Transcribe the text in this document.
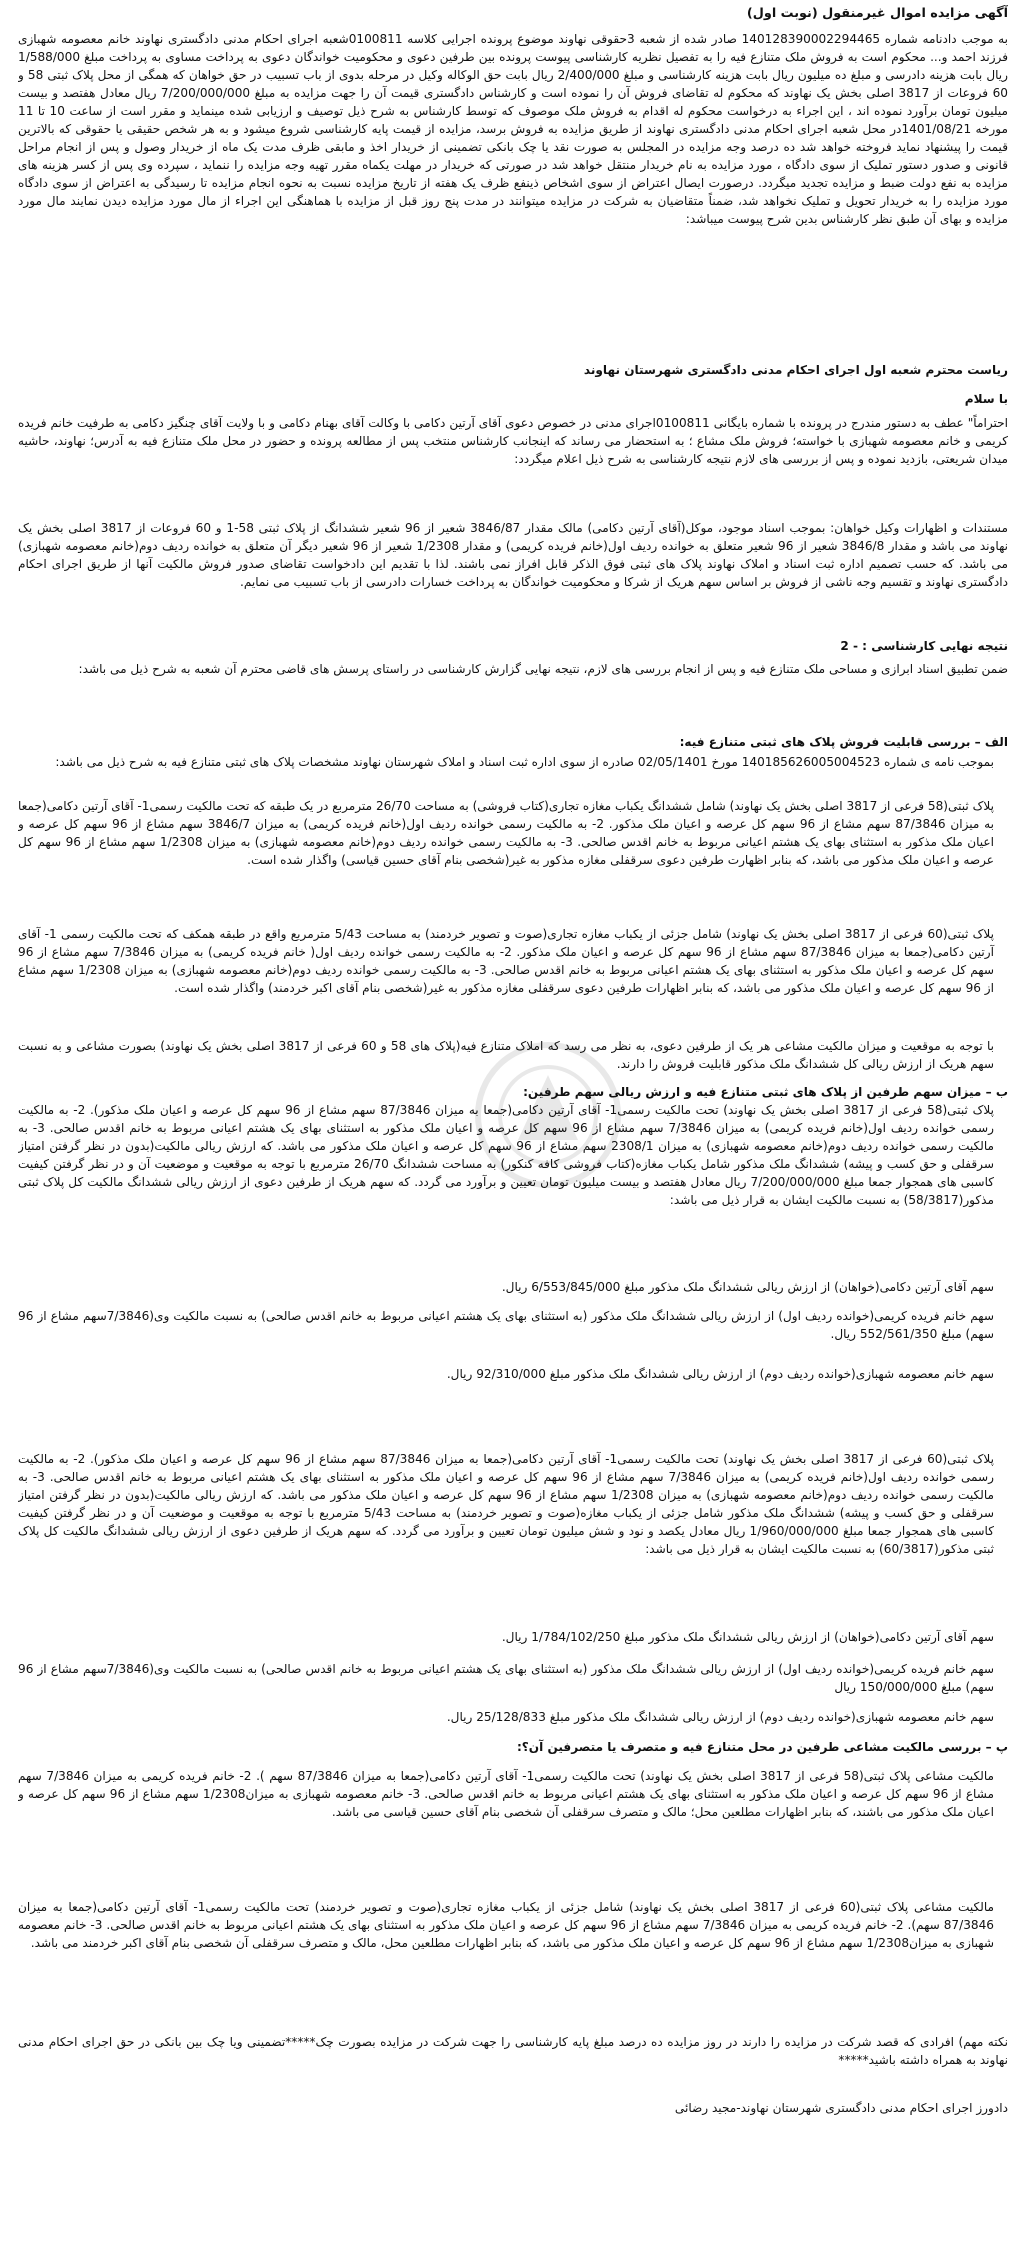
آگهی مزایده اموال غیرمنقول (نوبت اول)
به موجب دادنامه شماره 140128390002294465 صادر شده از شعبه 3حقوقی نهاوند موضوع پرونده اجرایی کلاسه 0100811شعبه اجرای احکام مدنی دادگستری نهاوند خانم معصومه شهبازی فرزند احمد و... محکوم است به فروش ملک متنازع فیه را به تفصیل نظریه کارشناسی پیوست پرونده بین طرفین دعوی و محکومیت خواندگان دعوی به پرداخت مساوی به پرداخت مبلغ 1/588/000 ریال بابت هزینه دادرسی و مبلغ ده میلیون ریال بابت هزینه کارشناسی و مبلغ 2/400/000 ریال بابت حق الوکاله وکیل در مرحله بدوی از باب تسبیب در حق خواهان که همگی از محل پلاک ثبتی 58 و 60 فروعات از 3817 اصلی بخش یک نهاوند که محکوم له تقاضای فروش آن را نموده است و کارشناس دادگستری قیمت آن را جهت مزایده به مبلغ 7/200/000/000 ریال معادل هفتصد و بیست میلیون تومان برآورد نموده اند ، این اجراء به درخواست محکوم له اقدام به فروش ملک موصوف که توسط کارشناس به شرح ذیل توصیف و ارزیابی شده مینماید و مقرر است از ساعت 10 تا 11 مورخه 1401/08/21در محل شعبه اجرای احکام مدنی دادگستری نهاوند از طریق مزایده به فروش برسد، مزایده از قیمت پایه کارشناسی شروع میشود و به هر شخص حقیقی یا حقوقی که بالاترین قیمت را پیشنهاد نماید فروخته خواهد شد ده درصد وجه مزایده در المجلس به صورت نقد یا چک بانکی تضمینی از خریدار اخذ و مابقی ظرف مدت یک ماه از خریدار وصول و پس از انجام مراحل قانونی و صدور دستور تملیک از سوی دادگاه ، مورد مزایده به نام خریدار منتقل خواهد شد در صورتی که خریدار در مهلت یکماه مقرر تهیه وجه مزایده را ننماید ، سپرده وی پس از کسر هزینه های مزایده به نفع دولت ضبط و مزایده تجدید میگردد. درصورت ایصال اعتراض از سوی اشخاص ذینفع ظرف یک هفته از تاریخ مزایده نسبت به نحوه انجام مزایده تا رسیدگی به اعتراض از سوی دادگاه مورد مزایده را به خریدار تحویل و تملیک نخواهد شد، ضمناً متقاضیان به شرکت در مزایده میتوانند در مدت پنج روز قبل از مزایده با هماهنگی این اجراء از مال مورد مزایده دیدن نمایند مال مورد مزایده و بهای آن طبق نظر کارشناس بدین شرح پیوست میباشد:
ریاست محترم شعبه اول اجرای احکام مدنی دادگستری شهرستان نهاوند
با سلام
احتراماً" عطف به دستور مندرج در پرونده با شماره بایگانی 0100811اجرای مدنی در خصوص دعوی آقای آرتین دکامی با وکالت آقای بهنام دکامی و با ولایت آقای چنگیز دکامی به طرفیت خانم فریده کریمی و خانم معصومه شهبازی با خواسته؛ فروش ملک مشاع ؛ به استحضار می رساند که اینجانب کارشناس منتخب پس از مطالعه پرونده و حضور در محل ملک متنازع فیه به آدرس؛ نهاوند، حاشیه میدان شریعتی، بازدید نموده و پس از بررسی های لازم نتیجه کارشناسی به شرح ذیل اعلام میگردد:
مستندات و اظهارات وکیل خواهان: بموجب اسناد موجود، موکل(آقای آرتین دکامی) مالک مقدار 3846/87 شعیر از 96 شعیر ششدانگ از پلاک ثبتی 58-1 و 60 فروعات از 3817 اصلی بخش یک نهاوند می باشد و مقدار 3846/8 شعیر از 96 شعیر متعلق به خوانده ردیف اول(خانم فریده کریمی) و مقدار 1/2308 شعیر از 96 شعیر دیگر آن متعلق به خوانده ردیف دوم(خانم معصومه شهبازی) می باشد. که حسب تصمیم اداره ثبت اسناد و املاک نهاوند پلاک های ثبتی فوق الذکر قابل افراز نمی باشند. لذا با تقدیم این دادخواست تقاضای صدور فروش مالکیت آنها از طریق اجرای احکام دادگستری نهاوند و تقسیم وجه ناشی از فروش بر اساس سهم هریک از شرکا و محکومیت خواندگان به پرداخت خسارات دادرسی از باب تسبیب می نمایم.
نتیجه نهایی کارشناسی : - 2
ضمن تطبیق اسناد ابرازی و مساحی ملک متنازع فیه و پس از انجام بررسی های لازم، نتیجه نهایی گزارش کارشناسی در راستای پرسش های قاضی محترم آن شعبه به شرح ذیل می باشد:
الف – بررسی قابلیت فروش پلاک های ثبتی متنازع فیه:
بموجب نامه ی شماره 140185626005004523 مورخ 02/05/1401 صادره از سوی اداره ثبت اسناد و املاک شهرستان نهاوند مشخصات پلاک های ثبتی متنازع فیه به شرح ذیل می باشد:
پلاک ثبتی(58 فرعی از 3817 اصلی بخش یک نهاوند) شامل ششدانگ یکباب مغازه تجاری(کتاب فروشی) به مساحت 26/70 مترمربع در یک طبقه که تحت مالکیت رسمی1- آقای آرتین دکامی(جمعا به میزان 87/3846 سهم مشاع از 96 سهم کل عرصه و اعیان ملک مذکور. 2- به مالکیت رسمی خوانده ردیف اول(خانم فریده کریمی) به میزان 3846/7 سهم مشاع از 96 سهم کل عرصه و اعیان ملک مذکور به استثنای بهای یک هشتم اعیانی مربوط به خانم اقدس صالحی. 3- به مالکیت رسمی خوانده ردیف دوم(خانم معصومه شهبازی) به میزان 1/2308 سهم مشاع از 96 سهم کل عرصه و اعیان ملک مذکور می باشد، که بنابر اظهارت طرفین دعوی سرقفلی مغازه مذکور به غیر(شخصی بنام آقای حسین قیاسی) واگذار شده است.
پلاک ثبتی(60 فرعی از 3817 اصلی بخش یک نهاوند) شامل جزئی از یکباب مغازه تجاری(صوت و تصویر خردمند) به مساحت 5/43 مترمربع واقع در طبقه همکف که تحت مالکیت رسمی 1- آقای آرتین دکامی(جمعا به میزان 87/3846 سهم مشاع از 96 سهم کل عرصه و اعیان ملک مذکور. 2- به مالکیت رسمی خوانده ردیف اول( خانم فریده کریمی) به میزان 7/3846 سهم مشاع از 96 سهم کل عرصه و اعیان ملک مذکور به استثنای بهای یک هشتم اعیانی مربوط به خانم اقدس صالحی. 3- به مالکیت رسمی خوانده ردیف دوم(خانم معصومه شهبازی) به میزان 1/2308 سهم مشاع از 96 سهم کل عرصه و اعیان ملک مذکور می باشد، که بنابر اظهارات طرفین دعوی سرقفلی مغازه مذکور به غیر(شخصی بنام آقای اکبر خردمند) واگذار شده است.
با توجه به موقعیت و میزان مالکیت مشاعی هر یک از طرفین دعوی، به نظر می رسد که املاک متنازع فیه(پلاک های 58 و 60 فرعی از 3817 اصلی بخش یک نهاوند) بصورت مشاعی و به نسبت سهم هریک از ارزش ریالی کل ششدانگ ملک مذکور قابلیت فروش را دارند.
ب – میزان سهم طرفین از پلاک های ثبتی متنازع فیه و ارزش ریالی سهم طرفین:
پلاک ثبتی(58 فرعی از 3817 اصلی بخش یک نهاوند) تحت مالکیت رسمی1- آقای آرتین دکامی(جمعا به میزان 87/3846 سهم مشاع از 96 سهم کل عرصه و اعیان ملک مذکور). 2- به مالکیت رسمی خوانده ردیف اول(خانم فریده کریمی) به میزان 7/3846 سهم مشاع از 96 سهم کل عرصه و اعیان ملک مذکور به استثنای بهای یک هشتم اعیانی مربوط به خانم اقدس صالحی. 3- به مالکیت رسمی خوانده ردیف دوم(خانم معصومه شهبازی) به میزان 2308/1 سهم مشاع از 96 سهم کل عرصه و اعیان ملک مذکور می باشد. که ارزش ریالی مالکیت(بدون در نظر گرفتن امتیاز سرقفلی و حق کسب و پیشه) ششدانگ ملک مذکور شامل یکباب مغازه(کتاب فروشی کافه کنکور) به مساحت ششدانگ 26/70 مترمربع با توجه به موقعیت و موضعیت آن و در نظر گرفتن کیفیت کاسبی های همجوار جمعا مبلغ 7/200/000/000 ریال معادل هفتصد و بیست میلیون تومان تعیین و برآورد می گردد. که سهم هریک از طرفین دعوی از ارزش ریالی ششدانگ مالکیت کل پلاک ثبتی مذکور(58/3817) به نسبت مالکیت ایشان به قرار ذیل می باشد:
سهم آقای آرتین دکامی(خواهان) از ارزش ریالی ششدانگ ملک مذکور مبلغ 6/553/845/000 ریال.
سهم خانم فریده کریمی(خوانده ردیف اول) از ارزش ریالی ششدانگ ملک مذکور (به استثنای بهای یک هشتم اعیانی مربوط به خانم اقدس صالحی) به نسبت مالکیت وی(7/3846سهم مشاع از 96 سهم) مبلغ 552/561/350 ریال.
سهم خانم معصومه شهبازی(خوانده ردیف دوم) از ارزش ریالی ششدانگ ملک مذکور مبلغ 92/310/000 ریال.
پلاک ثبتی(60 فرعی از 3817 اصلی بخش یک نهاوند) تحت مالکیت رسمی1- آقای آرتین دکامی(جمعا به میزان 87/3846 سهم مشاع از 96 سهم کل عرصه و اعیان ملک مذکور). 2- به مالکیت رسمی خوانده ردیف اول(خانم فریده کریمی) به میزان 7/3846 سهم مشاع از 96 سهم کل عرصه و اعیان ملک مذکور به استثنای بهای یک هشتم اعیانی مربوط به خانم اقدس صالحی. 3- به مالکیت رسمی خوانده ردیف دوم(خانم معصومه شهبازی) به میزان 1/2308 سهم مشاع از 96 سهم کل عرصه و اعیان ملک مذکور می باشد. که ارزش ریالی مالکیت(بدون در نظر گرفتن امتیاز سرقفلی و حق کسب و پیشه) ششدانگ ملک مذکور شامل جزئی از یکباب مغازه(صوت و تصویر خردمند) به مساحت 5/43 مترمربع با توجه به موقعیت و موضعیت آن و در نظر گرفتن کیفیت کاسبی های همجوار جمعا مبلغ 1/960/000/000 ریال معادل یکصد و نود و شش میلیون تومان تعیین و برآورد می گردد. که سهم هریک از طرفین دعوی از ارزش ریالی ششدانگ مالکیت کل پلاک ثبتی مذکور(60/3817) به نسبت مالکیت ایشان به قرار ذیل می باشد:
سهم آقای آرتین دکامی(خواهان) از ارزش ریالی ششدانگ ملک مذکور مبلغ 1/784/102/250 ریال.
سهم خانم فریده کریمی(خوانده ردیف اول) از ارزش ریالی ششدانگ ملک مذکور (به استثنای بهای یک هشتم اعیانی مربوط به خانم اقدس صالحی) به نسبت مالکیت وی(7/3846سهم مشاع از 96 سهم) مبلغ 150/000/000 ریال
سهم خانم معصومه شهبازی(خوانده ردیف دوم) از ارزش ریالی ششدانگ ملک مذکور مبلغ 25/128/833 ریال.
پ – بررسی مالکیت مشاعی طرفین در محل متنازع فیه و متصرف یا متصرفین آن؟:
مالکیت مشاعی پلاک ثبتی(58 فرعی از 3817 اصلی بخش یک نهاوند) تحت مالکیت رسمی1- آقای آرتین دکامی(جمعا به میزان 87/3846 سهم ). 2- خانم فریده کریمی به میزان 7/3846 سهم مشاع از 96 سهم کل عرصه و اعیان ملک مذکور به استثنای بهای یک هشتم اعیانی مربوط به خانم اقدس صالحی. 3- خانم معصومه شهبازی به میزان1/2308 سهم مشاع از 96 سهم کل عرصه و اعیان ملک مذکور می باشند، که بنابر اظهارات مطلعین محل؛ مالک و متصرف سرقفلی آن شخصی بنام آقای حسین قیاسی می باشد.
مالکیت مشاعی پلاک ثبتی(60 فرعی از 3817 اصلی بخش یک نهاوند) شامل جزئی از یکباب مغازه تجاری(صوت و تصویر خردمند) تحت مالکیت رسمی1- آقای آرتین دکامی(جمعا به میزان 87/3846 سهم). 2- خانم فریده کریمی به میزان 7/3846 سهم مشاع از 96 سهم کل عرصه و اعیان ملک مذکور به استثنای بهای یک هشتم اعیانی مربوط به خانم اقدس صالحی. 3- خانم معصومه شهبازی به میزان1/2308 سهم مشاع از 96 سهم کل عرصه و اعیان ملک مذکور می باشد، که بنابر اظهارات مطلعین محل، مالک و متصرف سرقفلی آن شخصی بنام آقای اکبر خردمند می باشد.
نکته مهم) افرادی که قصد شرکت در مزایده را دارند در روز مزایده ده درصد مبلغ پایه کارشناسی را جهت شرکت در مزایده بصورت چک*****تضمینی ویا چک بین بانکی در حق اجرای احکام مدنی نهاوند به همراه داشته باشید*****
دادورز اجرای احکام مدنی دادگستری شهرستان نهاوند-مجید رضائی
